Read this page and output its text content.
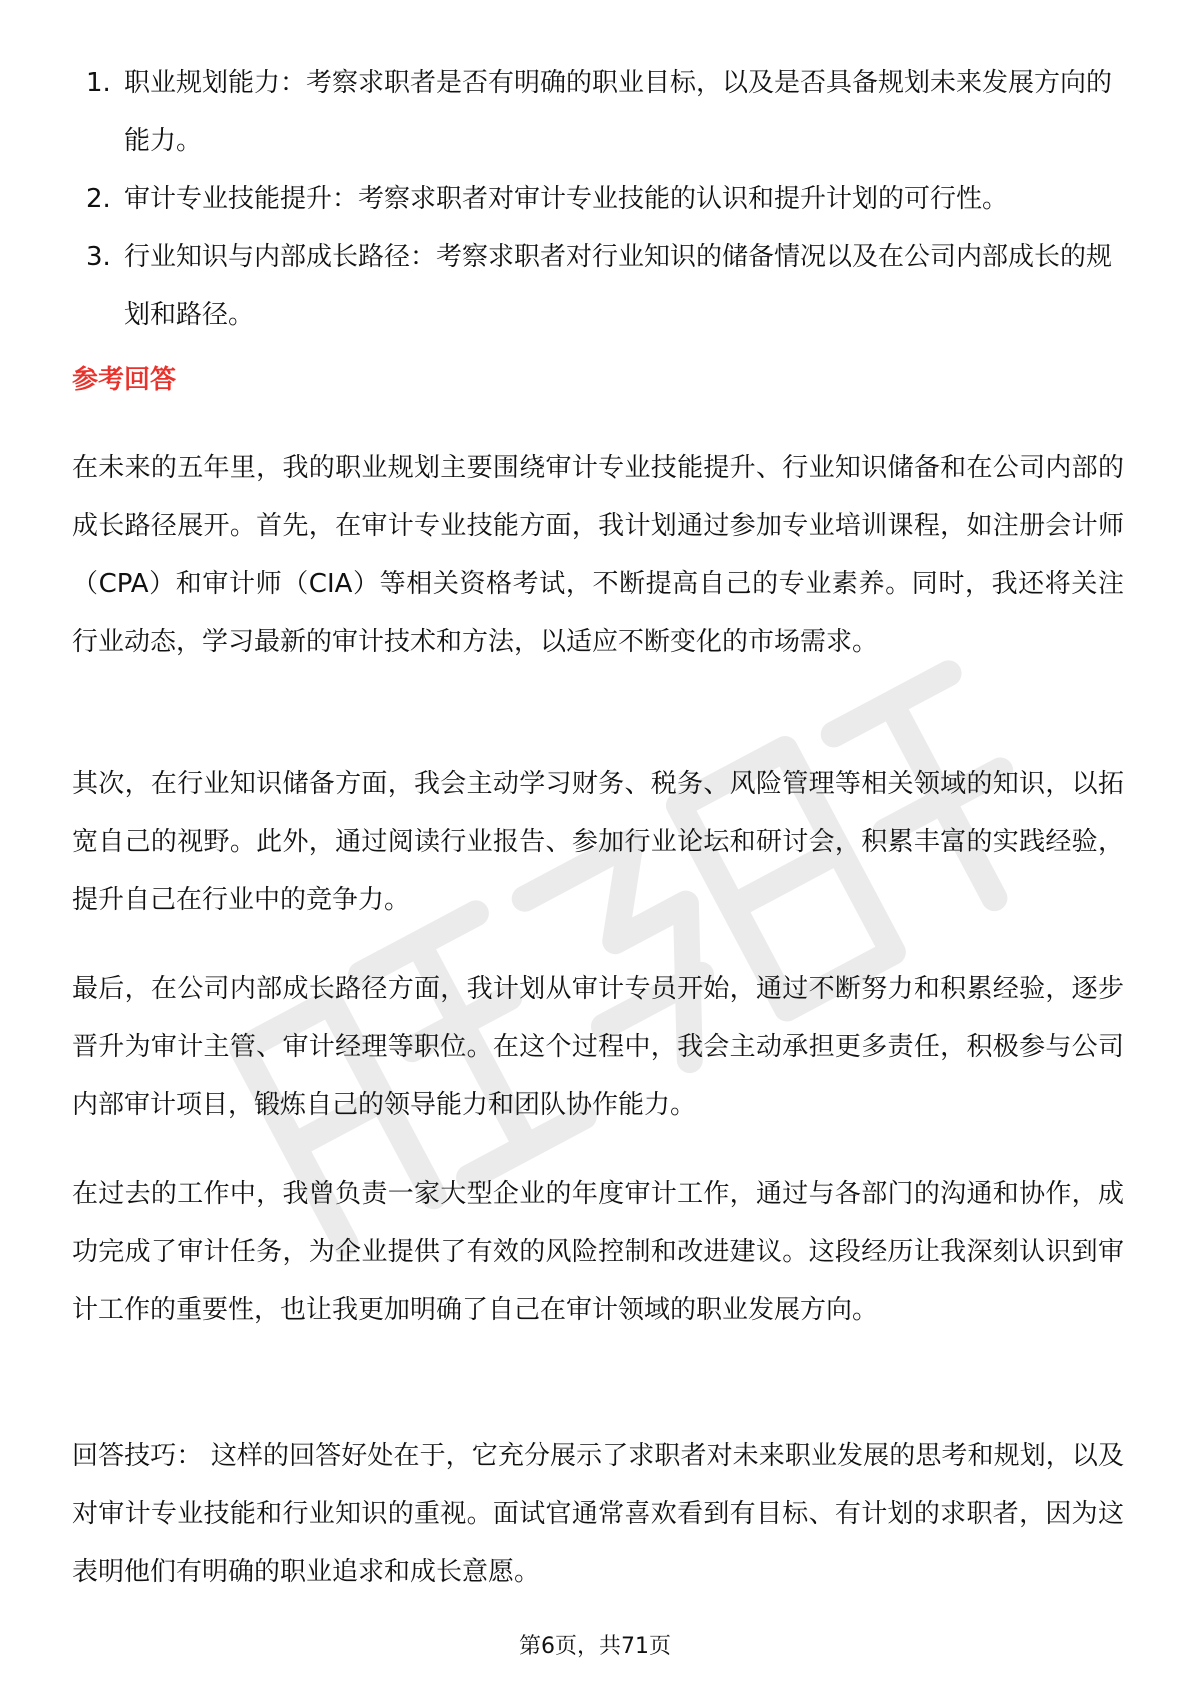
1. 职业规划能力：考察求职者是否有明确的职业目标，以及是否具备规划未来发展方向的能力。
2. 审计专业技能提升：考察求职者对审计专业技能的认识和提升计划的可行性。
3. 行业知识与内部成长路径：考察求职者对行业知识的储备情况以及在公司内部成长的规划和路径。
参考回答

在未来的五年里，我的职业规划主要围绕审计专业技能提升、行业知识储备和在公司内部的成长路径展开。首先，在审计专业技能方面，我计划通过参加专业培训课程，如注册会计师（CPA）和审计师（CIA）等相关资格考试，不断提高自己的专业素养。同时，我还将关注行业动态，学习最新的审计技术和方法，以适应不断变化的市场需求。

其次，在行业知识储备方面，我会主动学习财务、税务、风险管理等相关领域的知识，以拓宽自己的视野。此外，通过阅读行业报告、参加行业论坛和研讨会，积累丰富的实践经验，提升自己在行业中的竞争力。

最后，在公司内部成长路径方面，我计划从审计专员开始，通过不断努力和积累经验，逐步晋升为审计主管、审计经理等职位。在这个过程中，我会主动承担更多责任，积极参与公司内部审计项目，锻炼自己的领导能力和团队协作能力。

在过去的工作中，我曾负责一家大型企业的年度审计工作，通过与各部门的沟通和协作，成功完成了审计任务，为企业提供了有效的风险控制和改进建议。这段经历让我深刻认识到审计工作的重要性，也让我更加明确了自己在审计领域的职业发展方向。

回答技巧： 这样的回答好处在于，它充分展示了求职者对未来职业发展的思考和规划，以及对审计专业技能和行业知识的重视。面试官通常喜欢看到有目标、有计划的求职者，因为这表明他们有明确的职业追求和成长意愿。

第6页，共71页
